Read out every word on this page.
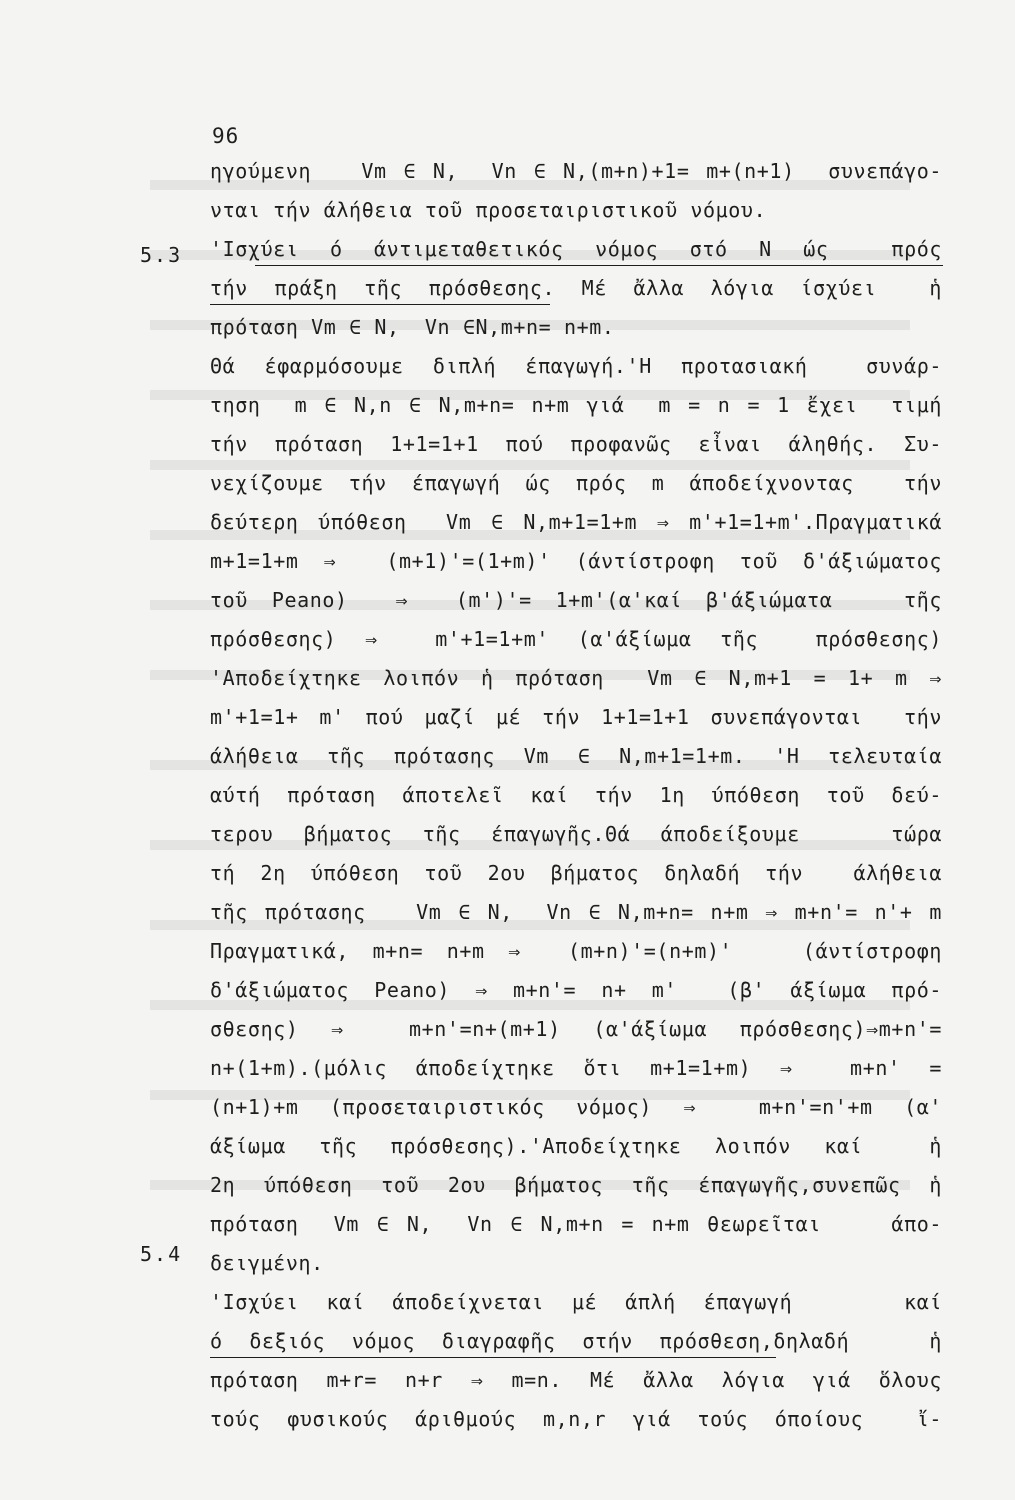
96
5.3
5.4
ηγούμενη   Vm ∈ N,  Vn ∈ N,(m+n)+1= m+(n+1)  συνεπάγο-
νται τήν άλήθεια τοῦ προσεταιριστικοῦ νόμου.
'Ισχύει ό άντιμεταθετικός νόμος στό N ώς  πρός
τήν πράξη τῆς πρόσθεσης. Μέ ἄλλα λόγια ίσχύει  ἡ
πρόταση Vm ∈ N,  Vn ∈N,m+n= n+m.
Θά έφαρμόσουμε διπλή έπαγωγή.'Η προτασιακή  συνάρ-
τηση  m ∈ N,n ∈ N,m+n= n+m γιά  m = n = 1 ἔχει  τιμή
τήν πρόταση 1+1=1+1 πού προφανῶς εἶναι άληθής. Συ-
νεχίζουμε τήν έπαγωγή ώς πρός m άποδείχνοντας  τήν
δεύτερη ύπόθεση  Vm ∈ N,m+1=1+m ⇒ m'+1=1+m'.Πραγματικά
m+1=1+m ⇒  (m+1)'=(1+m)' (άντίστροφη τοῦ δ'άξιώματος
τοῦ Peano)  ⇒  (m')'= 1+m'(α'καί β'άξιώματα   τῆς
πρόσθεσης) ⇒  m'+1=1+m' (α'άξίωμα τῆς  πρόσθεσης)
'Αποδείχτηκε λοιπόν ἡ πρόταση  Vm ∈ N,m+1 = 1+ m ⇒
m'+1=1+ m' πού μαζί μέ τήν 1+1=1+1 συνεπάγονται  τήν
άλήθεια τῆς πρότασης Vm ∈ N,m+1=1+m. 'Η τελευταία
αύτή πρόταση άποτελεῖ καί τήν 1η ύπόθεση τοῦ δεύ-
τερου βήματος τῆς έπαγωγῆς.Θά άποδείξουμε   τώρα
τή 2η ύπόθεση τοῦ 2ου βήματος δηλαδή τήν  άλήθεια
τῆς πρότασης   Vm ∈ N,  Vn ∈ N,m+n= n+m ⇒ m+n'= n'+ m
Πραγματικά, m+n= n+m ⇒  (m+n)'=(n+m)'   (άντίστροφη
δ'άξιώματος Peano) ⇒ m+n'= n+ m'  (β' άξίωμα πρό-
σθεσης) ⇒  m+n'=n+(m+1) (α'άξίωμα πρόσθεσης)⇒m+n'=
n+(1+m).(μόλις άποδείχτηκε ὅτι m+1=1+m) ⇒  m+n' =
(n+1)+m (προσεταιριστικός νόμος) ⇒  m+n'=n'+m (α'
άξίωμα τῆς πρόσθεσης).'Αποδείχτηκε λοιπόν καί  ἡ
2η ύπόθεση τοῦ 2ου βήματος τῆς έπαγωγῆς,συνεπῶς ἡ
πρόταση  Vm ∈ N,  Vn ∈ N,m+n = n+m θεωρεῖται    άπο-
δειγμένη.
'Ισχύει καί άποδείχνεται μέ άπλή έπαγωγή    καί
ό δεξιός νόμος διαγραφῆς στήν πρόσθεση,δηλαδή   ἡ
πρόταση m+r= n+r ⇒ m=n. Μέ ἄλλα λόγια γιά ὅλους
τούς φυσικούς άριθμούς m,n,r γιά τούς όποίους  ἴ-
